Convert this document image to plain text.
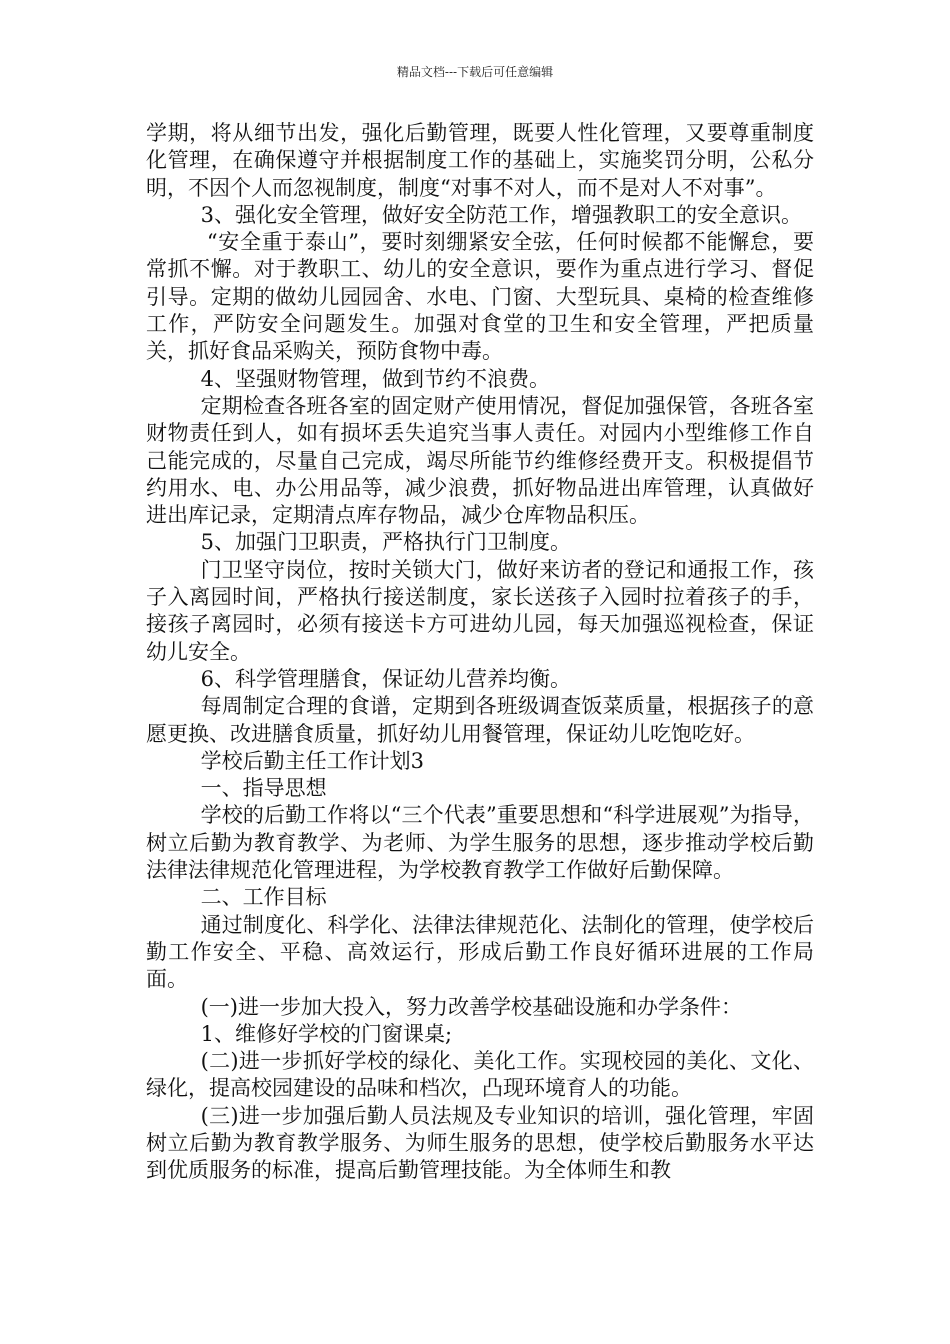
精品文档---下载后可任意编辑

学期，将从细节出发，强化后勤管理，既要人性化管理，又要尊重制度化管理，在确保遵守并根据制度工作的基础上，实施奖罚分明，公私分明，不因个人而忽视制度，制度“对事不对人，而不是对人不对事”。

3、强化安全管理，做好安全防范工作，增强教职工的安全意识。

“安全重于泰山”，要时刻绷紧安全弦，任何时候都不能懈怠，要常抓不懈。对于教职工、幼儿的安全意识，要作为重点进行学习、督促引导。定期的做幼儿园园舍、水电、门窗、大型玩具、桌椅的检查维修工作，严防安全问题发生。加强对食堂的卫生和安全管理，严把质量关，抓好食品采购关，预防食物中毒。

4、坚强财物管理，做到节约不浪费。

定期检查各班各室的固定财产使用情况，督促加强保管，各班各室财物责任到人，如有损坏丢失追究当事人责任。对园内小型维修工作自己能完成的，尽量自己完成，竭尽所能节约维修经费开支。积极提倡节约用水、电、办公用品等，减少浪费，抓好物品进出库管理，认真做好进出库记录，定期清点库存物品，减少仓库物品积压。

5、加强门卫职责，严格执行门卫制度。

门卫坚守岗位，按时关锁大门，做好来访者的登记和通报工作，孩子入离园时间，严格执行接送制度，家长送孩子入园时拉着孩子的手，接孩子离园时，必须有接送卡方可进幼儿园，每天加强巡视检查，保证幼儿安全。

6、科学管理膳食，保证幼儿营养均衡。

每周制定合理的食谱，定期到各班级调查饭菜质量，根据孩子的意愿更换、改进膳食质量，抓好幼儿用餐管理，保证幼儿吃饱吃好。

学校后勤主任工作计划3

一、指导思想

学校的后勤工作将以“三个代表”重要思想和“科学进展观”为指导，树立后勤为教育教学、为老师、为学生服务的思想，逐步推动学校后勤法律法律规范化管理进程，为学校教育教学工作做好后勤保障。

二、工作目标

通过制度化、科学化、法律法律规范化、法制化的管理，使学校后勤工作安全、平稳、高效运行，形成后勤工作良好循环进展的工作局面。

(一)进一步加大投入，努力改善学校基础设施和办学条件：

1、维修好学校的门窗课桌;

(二)进一步抓好学校的绿化、美化工作。实现校园的美化、文化、绿化，提高校园建设的品味和档次，凸现环境育人的功能。

(三)进一步加强后勤人员法规及专业知识的培训，强化管理，牢固树立后勤为教育教学服务、为师生服务的思想，使学校后勤服务水平达到优质服务的标准，提高后勤管理技能。为全体师生和教
